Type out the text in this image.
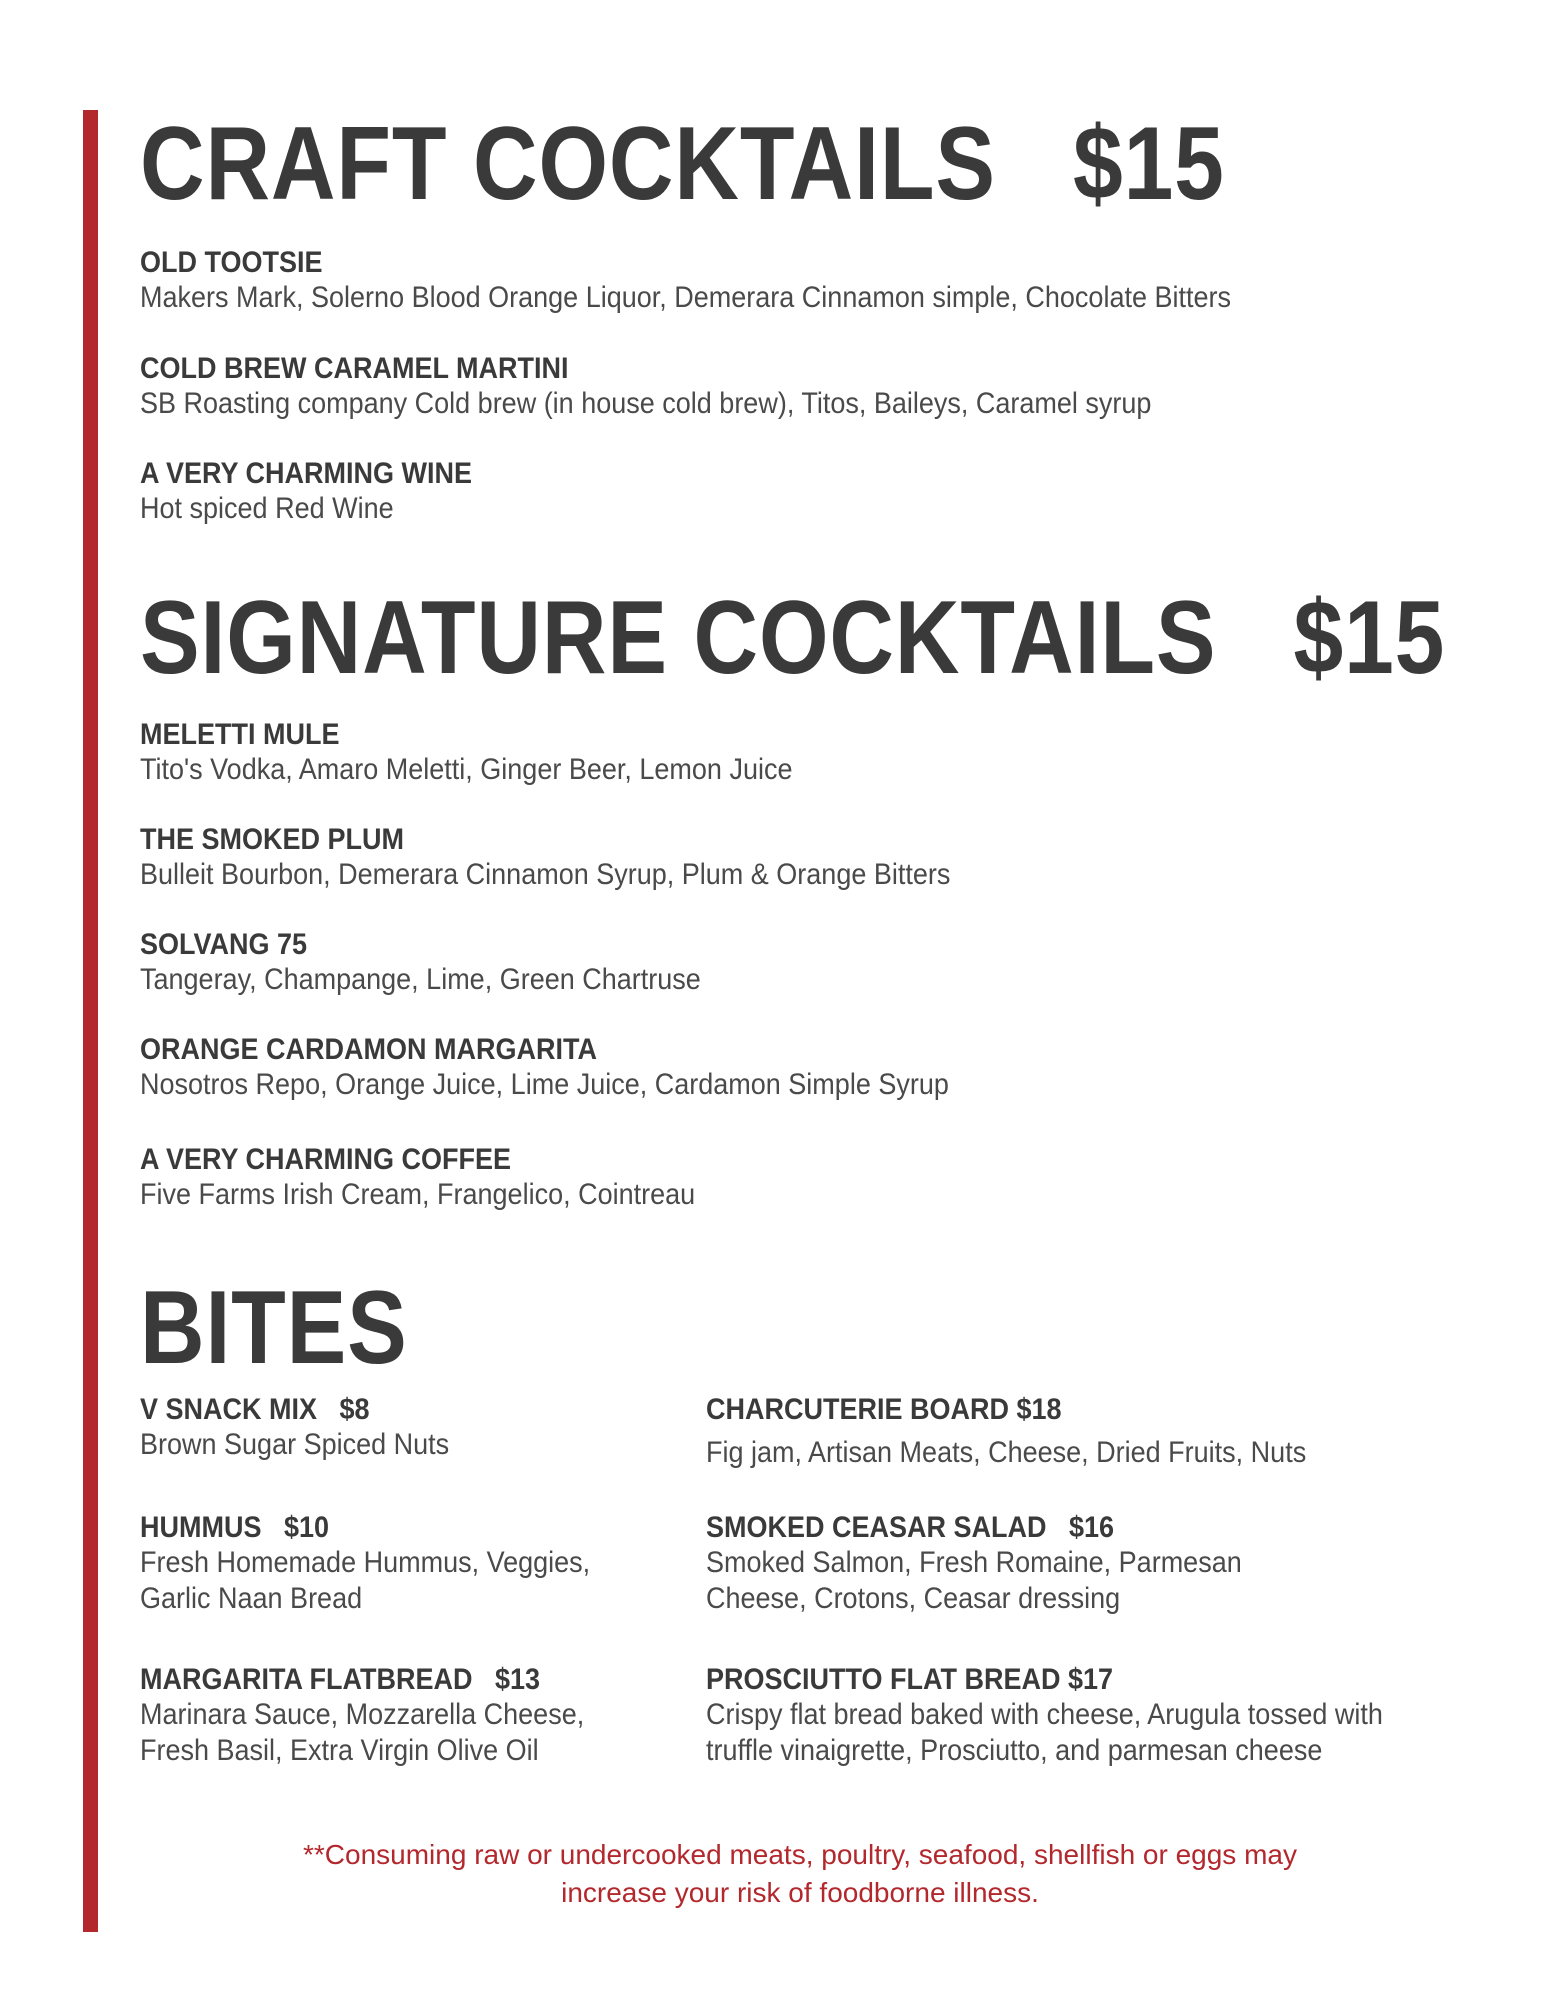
CRAFT COCKTAILS   $15
OLD TOOTSIE
Makers Mark, Solerno Blood Orange Liquor, Demerara Cinnamon simple, Chocolate Bitters
COLD BREW CARAMEL MARTINI
SB Roasting company Cold brew (in house cold brew), Titos, Baileys, Caramel syrup
A VERY CHARMING WINE
Hot spiced Red Wine
SIGNATURE COCKTAILS   $15
MELETTI MULE
Tito's Vodka, Amaro Meletti, Ginger Beer, Lemon Juice
THE SMOKED PLUM
Bulleit Bourbon, Demerara Cinnamon Syrup, Plum & Orange Bitters
SOLVANG 75
Tangeray, Champange, Lime, Green Chartruse
ORANGE CARDAMON MARGARITA
Nosotros Repo, Orange Juice, Lime Juice, Cardamon Simple Syrup
A VERY CHARMING COFFEE
Five Farms Irish Cream, Frangelico, Cointreau
BITES
V SNACK MIX   $8
Brown Sugar Spiced Nuts
HUMMUS   $10
Fresh Homemade Hummus, Veggies,
Garlic Naan Bread
MARGARITA FLATBREAD   $13
Marinara Sauce, Mozzarella Cheese,
Fresh Basil, Extra Virgin Olive Oil
CHARCUTERIE BOARD $18
Fig jam, Artisan Meats, Cheese, Dried Fruits, Nuts
SMOKED CEASAR SALAD   $16
Smoked Salmon, Fresh Romaine, Parmesan
Cheese, Crotons, Ceasar dressing
PROSCIUTTO FLAT BREAD $17
Crispy flat bread baked with cheese, Arugula tossed with
truffle vinaigrette, Prosciutto, and parmesan cheese
**Consuming raw or undercooked meats, poultry, seafood, shellfish or eggs may
increase your risk of foodborne illness.
